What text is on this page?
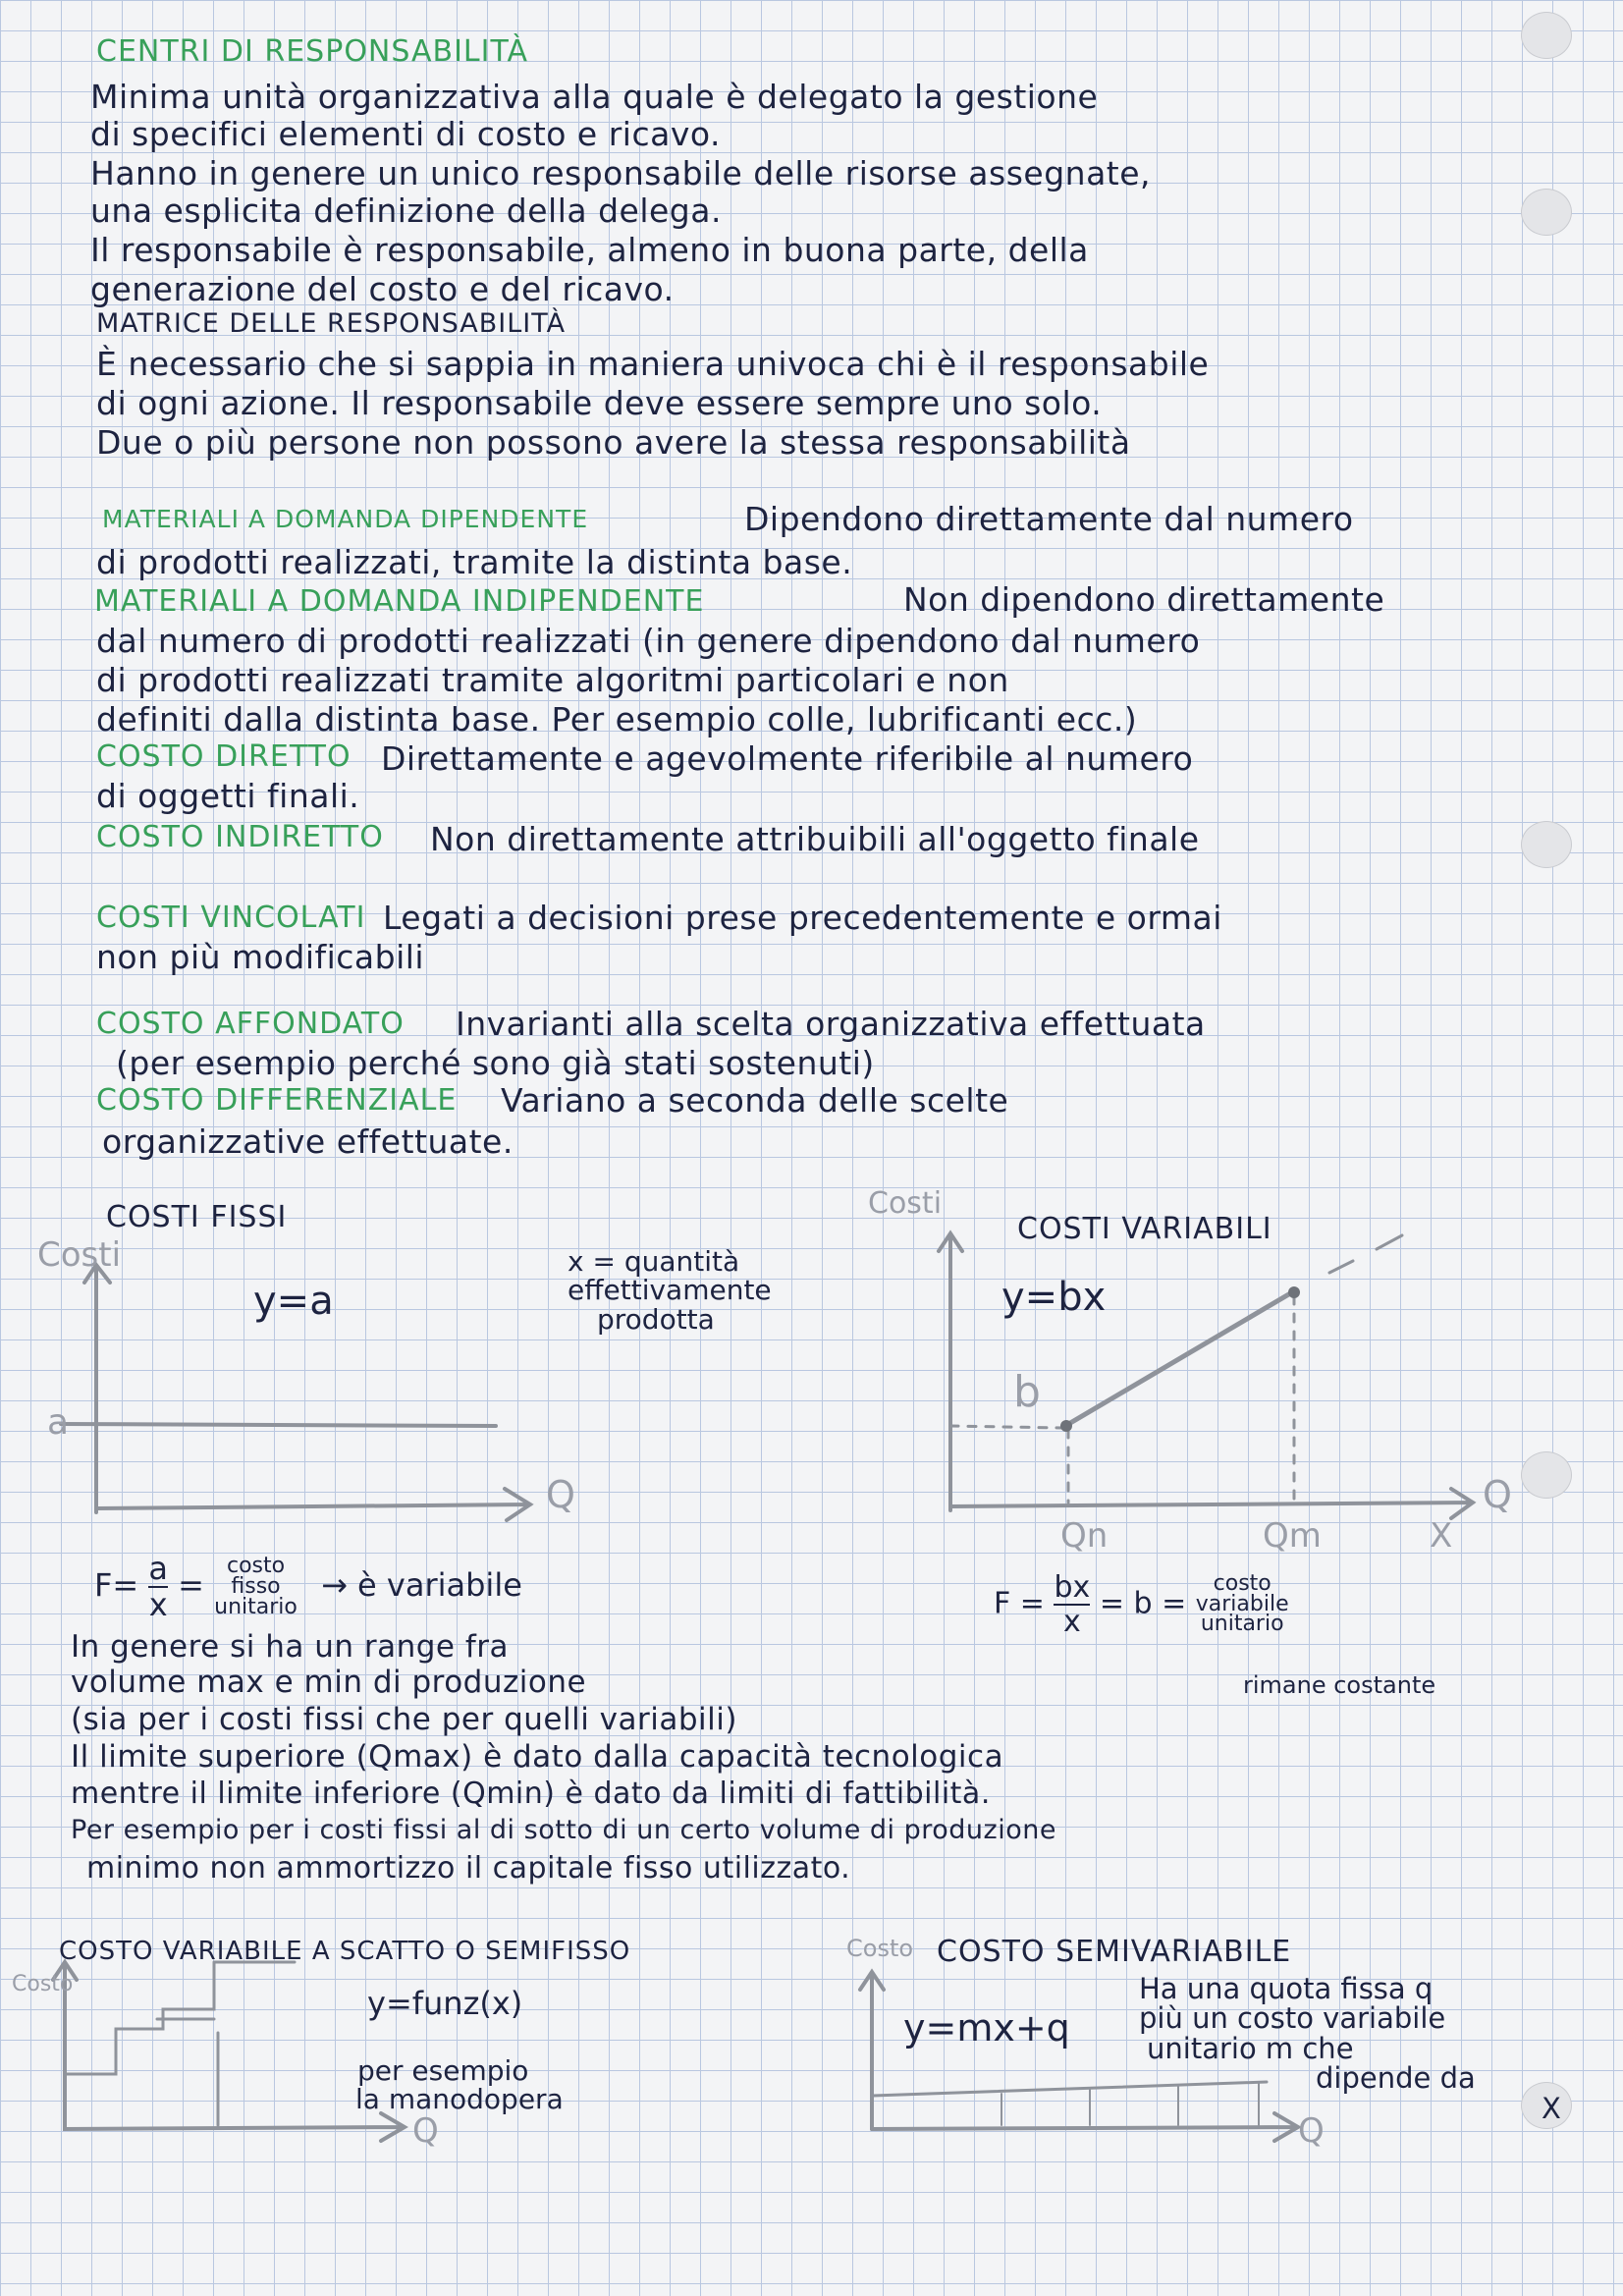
CENTRI DI RESPONSABILITÀ
Minima unità organizzativa alla quale è delegato la gestione
di specifici elementi di costo e ricavo.
Hanno in genere un unico responsabile delle risorse assegnate,
una esplicita definizione della delega.
Il responsabile è responsabile, almeno in buona parte, della
generazione del costo e del ricavo.
MATRICE DELLE RESPONSABILITÀ
È necessario che si sappia in maniera univoca chi è il responsabile
di ogni azione. Il responsabile deve essere sempre uno solo.
Due o più persone non possono avere la stessa responsabilità
MATERIALI A DOMANDA DIPENDENTE	Dipendono direttamente dal numero
di prodotti realizzati, tramite la distinta base.
MATERIALI A DOMANDA INDIPENDENTE	Non dipendono direttamente
dal numero di prodotti realizzati (in genere dipendono dal numero
di prodotti realizzati tramite algoritmi particolari e non
definiti dalla distinta base. Per esempio colle, lubrificanti ecc.)
COSTO DIRETTO Direttamente e agevolmente riferibile al numero
di oggetti finali.
COSTO INDIRETTO Non direttamente attribuibili all'oggetto finale
COSTI VINCOLATI Legati a decisioni prese precedentemente e ormai
non più modificabili
COSTO AFFONDATO Invarianti alla scelta organizzativa effettuata
(per esempio perché sono già stati sostenuti)
COSTO DIFFERENZIALE Variano a seconda delle scelte
organizzative effettuate.
COSTI FISSI
Costi
y=a
a
x = quantità
effettivamente
prodotta
Q
$F= \frac{a}{x}$ =
costo
fisso
unitario
→ è variabile
Costi
COSTI VARIABILI
y=bx
b
Qn	Qm
Q
X
$F = \frac{bx}{x} = b$ =
costo
variabile
unitario
rimane costante
In genere si ha un range fra
volume max e min di produzione
(sia per i costi fissi che per quelli variabili)
Il limite superiore (Qmax) è dato dalla capacità tecnologica
mentre il limite inferiore (Qmin) è dato da limiti di fattibilità.
Per esempio per i costi fissi al di sotto di un certo volume di produzione
minimo non ammortizzo il capitale fisso utilizzato.
COSTO VARIABILE A SCATTO O SEMIFISSO
Costo
y=funz(x)
per esempio
la manodopera
Q
Costo COSTO SEMIVARIABILE
y=mx+q
Ha una quota fissa q
più un costo variabile
unitario m che
dipende da
X
Q
